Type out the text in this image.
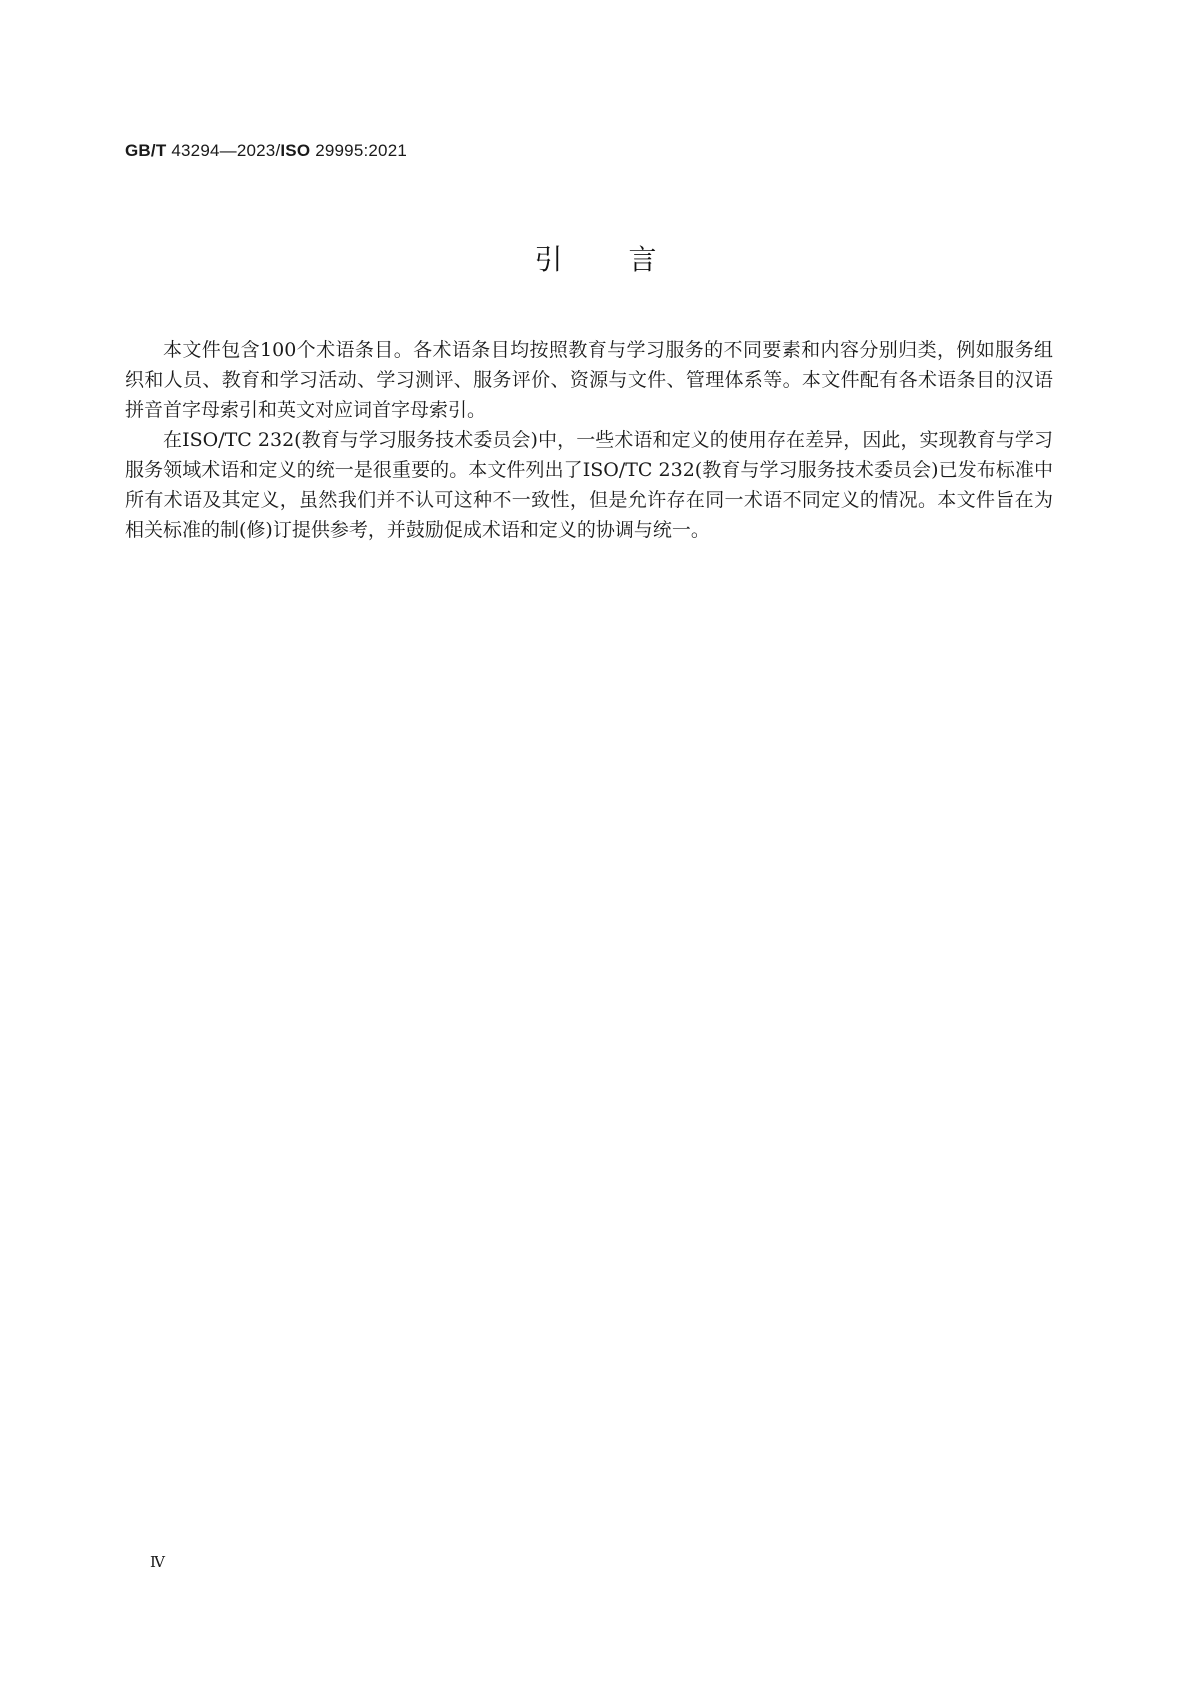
GB/T 43294—2023/ISO 29995:2021
引言

本文件包含100个术语条目。各术语条目均按照教育与学习服务的不同要素和内容分别归类，例如服务组织和人员、教育和学习活动、学习测评、服务评价、资源与文件、管理体系等。本文件配有各术语条目的汉语拼音首字母索引和英文对应词首字母索引。

在ISO/TC 232(教育与学习服务技术委员会)中，一些术语和定义的使用存在差异，因此，实现教育与学习服务领域术语和定义的统一是很重要的。本文件列出了ISO/TC 232(教育与学习服务技术委员会)已发布标准中所有术语及其定义，虽然我们并不认可这种不一致性，但是允许存在同一术语不同定义的情况。本文件旨在为相关标准的制(修)订提供参考，并鼓励促成术语和定义的协调与统一。

Ⅳ
